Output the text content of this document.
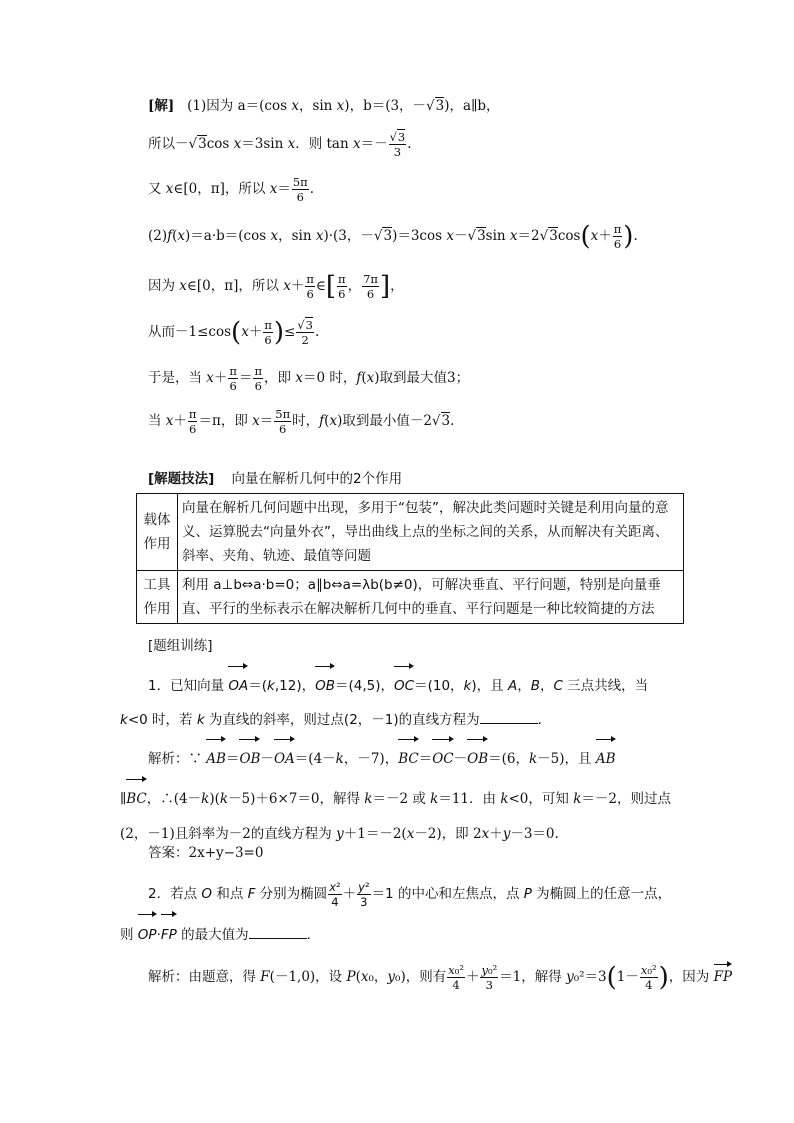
[解]   (1)因为 a＝(cos x，sin x)，b＝(3，－√3)，a∥b，
所以－√3cos x＝3sin x．则 $\tan x=- \frac{√3}{3}$ .
又 x∈[0，π]，所以 $x= \frac{5\pi}{6}$ .
(2)f(x)＝a·b＝(cos x，sin x)·(3，－√3)＝3cos x－√3sin $x=2√3\cos(x+ \frac{\pi}{6}$ ).
因为 x∈[0，π]，所以 $x+ \frac{\pi}{6}$ ∈[ $\frac{\pi}{6}$ ， $\frac{7\pi}{6}$ ]，
从而$-1\le\cos(x+ \frac{\pi}{6}$ )≤ $\frac{√3}{2}$ .
于是，当 $x+ \frac{\pi}{6} = \frac{\pi}{6}$ ，即 x＝0 时，f(x)取到最大值3；
当 $x+ \frac{\pi}{6} =\pi$，即 $x= \frac{5\pi}{6}$ 时，f(x)取到最小值－2√3.
[解题技法] 向量在解析几何中的2个作用
载体
作用	向量在解析几何问题中出现，多用于“包装”，解决此类问题时关键是利用向量的意义、运算脱去“向量外衣”，导出曲线上点的坐标之间的关系，从而解决有关距离、斜率、夹角、轨迹、最值等问题
工具
作用	利用 a⊥b⇔a·b=0；a∥b⇔a=λb(b≠0)，可解决垂直、平行问题，特别是向量垂直、平行的坐标表示在解决解析几何中的垂直、平行问题是一种比较简捷的方法
[题组训练]
1．已知向量 OA＝(k,12)，OB＝(4,5)，OC＝(10，k)，且 A，B，C 三点共线，当
k<0 时，若 k 为直线的斜率，则过点(2，－1)的直线方程为	．
解析：∵ AB＝OB－OA＝(4－k，－7)，BC＝OC－OB＝(6，k－5)，且 AB
∥BC，∴(4－k)(k－5)＋6×7＝0，解得 k＝－2 或 k＝11．由 k<0，可知 k＝－2，则过点
(2，－1)且斜率为－2的直线方程为 y＋1＝－2(x－2)，即 2x＋y－3＝0.
答案：2x+y−3=0
2．若点 O 和点 F 分别为椭圆 $\frac{\text{x²}}{4} + \frac{\text{y²}}{3} =1$ 的中心和左焦点，点 P 为椭圆上的任意一点，
则 OP·FP 的最大值为	．
解析：由题意，得 F(－1,0)，设 P(x₀，y₀)，则有 $\frac{\text{x₀²}}{4} + \frac{\text{y₀²}}{3} =1$，解得 $y_0^2=3(1- \frac{\text{x₀²}}{4}$ )，因为 FP
